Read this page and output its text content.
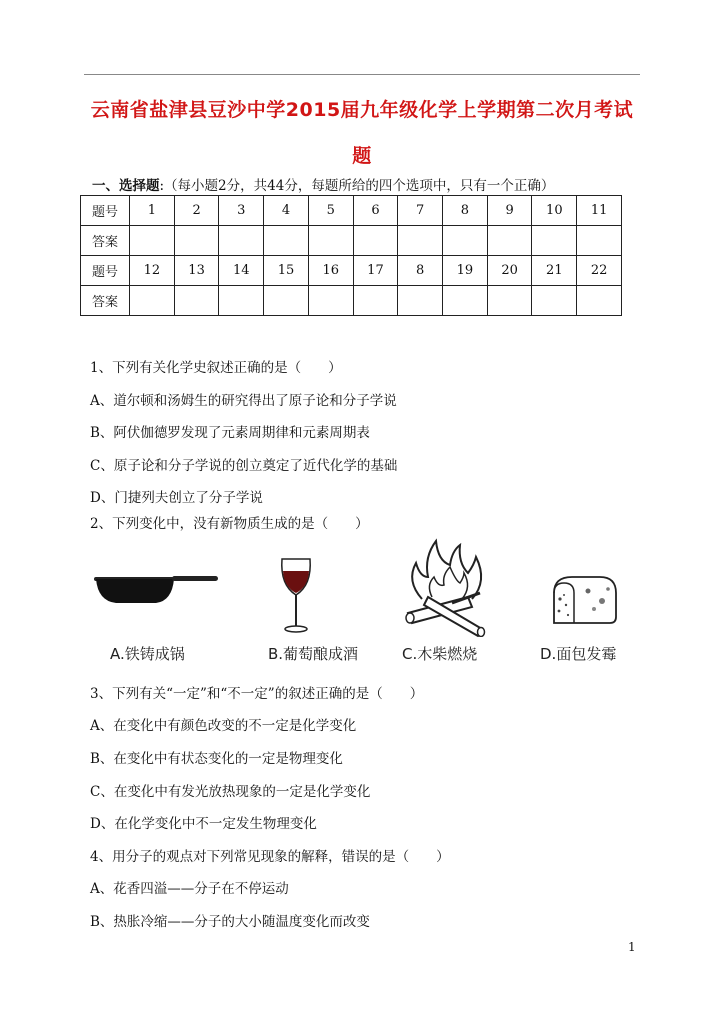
云南省盐津县豆沙中学2015届九年级化学上学期第二次月考试
题
一、选择题:（每小题2分，共44分，每题所给的四个选项中，只有一个正确）
题号	1	2	3	4	5	6	7	8	9	10	11
答案											
题号	12	13	14	15	16	17	8	19	20	21	22
答案											
1、下列有关化学史叙述正确的是（　　）
A、道尔顿和汤姆生的研究得出了原子论和分子学说
B、阿伏伽德罗发现了元素周期律和元素周期表
C、原子论和分子学说的创立奠定了近代化学的基础
D、门捷列夫创立了分子学说
2、下列变化中，没有新物质生成的是（　　）
A.铁铸成锅	B.葡萄酿成酒	C.木柴燃烧	D.面包发霉
3、下列有关“一定”和“不一定”的叙述正确的是（　　）
A、在变化中有颜色改变的不一定是化学变化
B、在变化中有状态变化的一定是物理变化
C、在变化中有发光放热现象的一定是化学变化
D、在化学变化中不一定发生物理变化
4、用分子的观点对下列常见现象的解释，错误的是（　　）
A、花香四溢——分子在不停运动
B、热胀冷缩——分子的大小随温度变化而改变
1
